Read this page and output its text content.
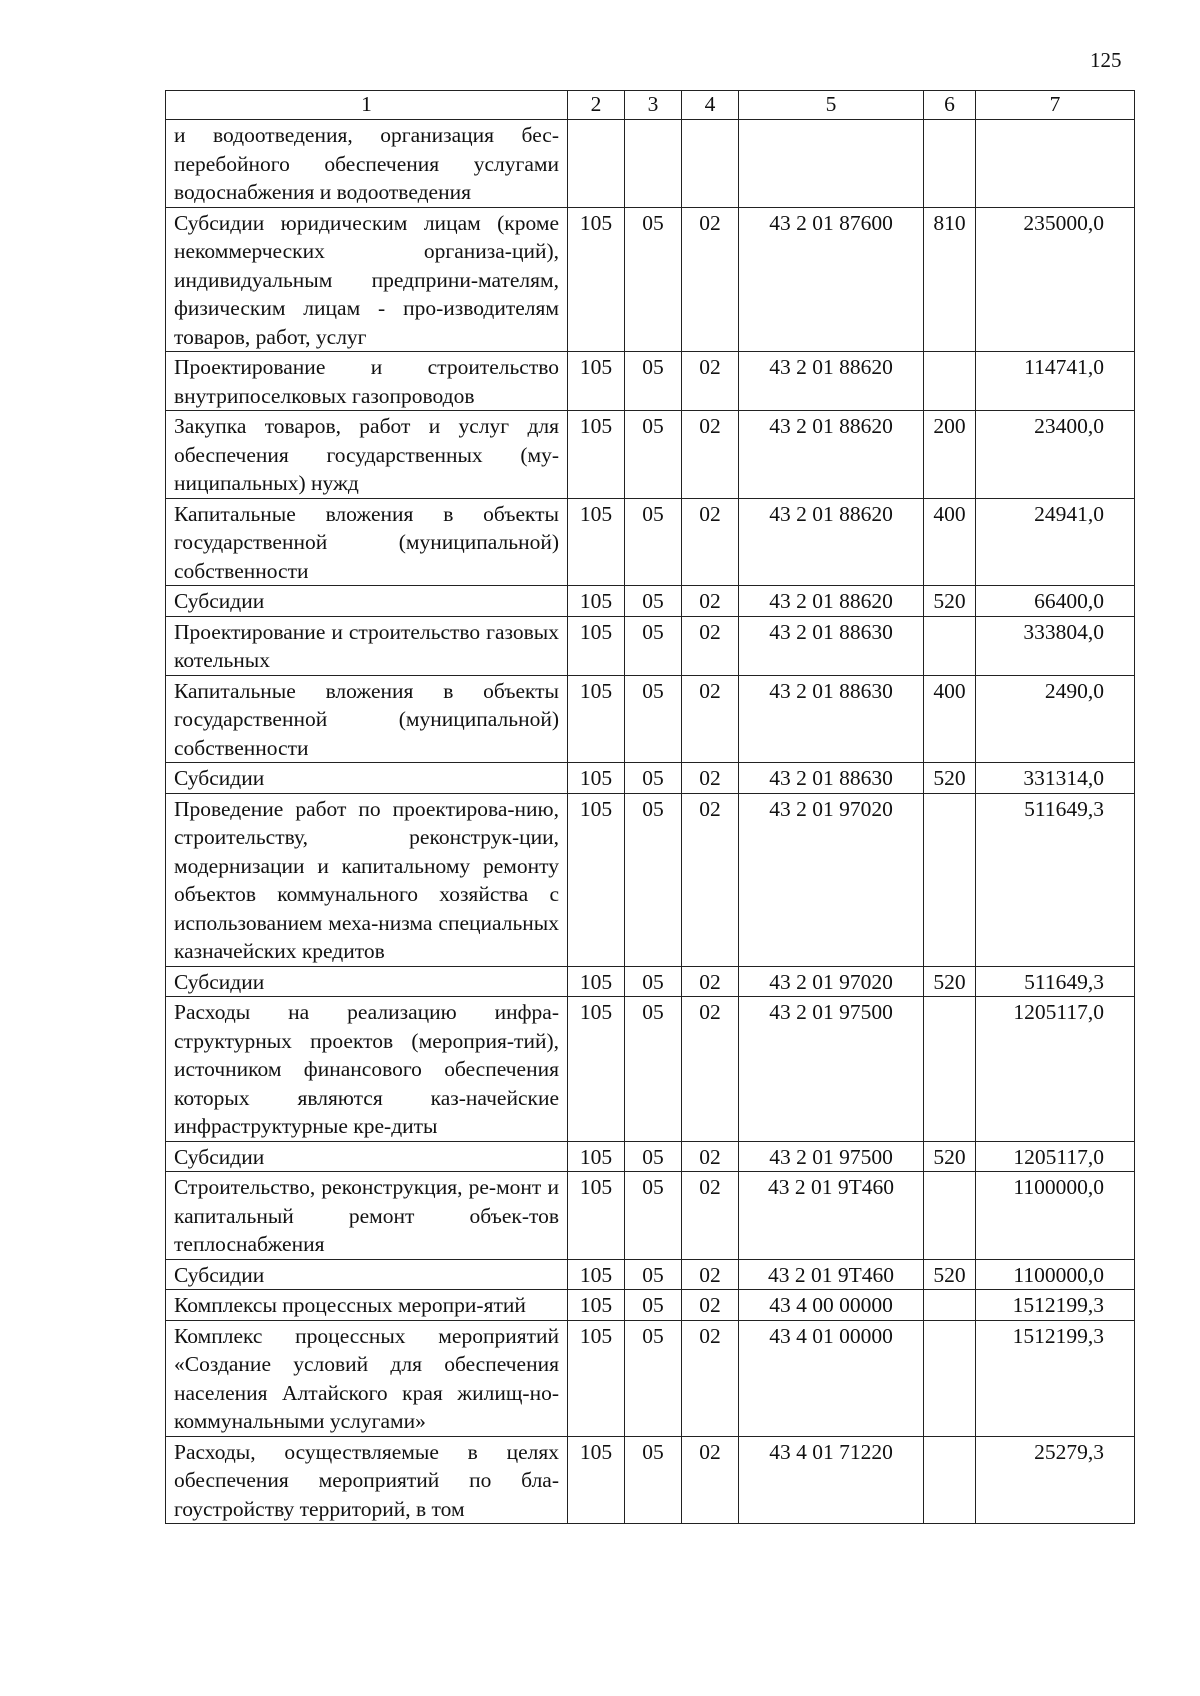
125
1	2	3	4	5	6	7
и водоотведения, организация бес-перебойного обеспечения услугами водоснабжения и водоотведения						
Субсидии юридическим лицам (кроме некоммерческих организа-ций), индивидуальным предприни-мателям, физическим лицам - про-изводителям товаров, работ, услуг	105	05	02	43 2 01 87600	810	235000,0
Проектирование и строительство внутрипоселковых газопроводов	105	05	02	43 2 01 88620		114741,0
Закупка товаров, работ и услуг для обеспечения государственных (му-ниципальных) нужд	105	05	02	43 2 01 88620	200	23400,0
Капитальные вложения в объекты государственной (муниципальной) собственности	105	05	02	43 2 01 88620	400	24941,0
Субсидии	105	05	02	43 2 01 88620	520	66400,0
Проектирование и строительство газовых котельных	105	05	02	43 2 01 88630		333804,0
Капитальные вложения в объекты государственной (муниципальной) собственности	105	05	02	43 2 01 88630	400	2490,0
Субсидии	105	05	02	43 2 01 88630	520	331314,0
Проведение работ по проектирова-нию, строительству, реконструк-ции, модернизации и капитальному ремонту объектов коммунального хозяйства с использованием меха-низма специальных казначейских кредитов	105	05	02	43 2 01 97020		511649,3
Субсидии	105	05	02	43 2 01 97020	520	511649,3
Расходы на реализацию инфра-структурных проектов (мероприя-тий), источником финансового обеспечения которых являются каз-начейские инфраструктурные кре-диты	105	05	02	43 2 01 97500		1205117,0
Субсидии	105	05	02	43 2 01 97500	520	1205117,0
Строительство, реконструкция, ре-монт и капитальный ремонт объек-тов теплоснабжения	105	05	02	43 2 01 9Т460		1100000,0
Субсидии	105	05	02	43 2 01 9Т460	520	1100000,0
Комплексы процессных меропри-ятий	105	05	02	43 4 00 00000		1512199,3
Комплекс процессных мероприятий «Создание условий для обеспечения населения Алтайского края жилищ-но-коммунальными услугами»	105	05	02	43 4 01 00000		1512199,3
Расходы, осуществляемые в целях обеспечения мероприятий по бла-гоустройству территорий, в том	105	05	02	43 4 01 71220		25279,3
